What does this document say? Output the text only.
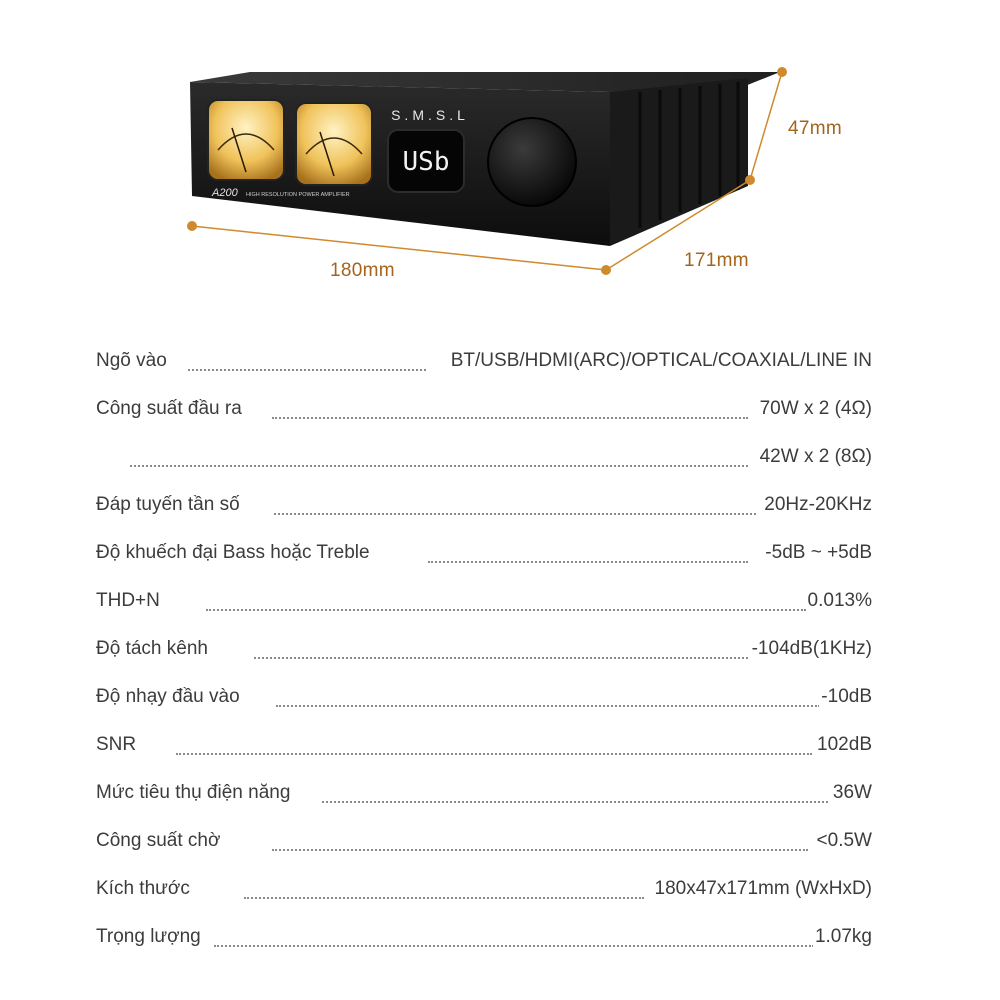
USb
S.M.S.L
A200 HIGH RESOLUTION POWER AMPLIFIER
180mm	171mm
47mm
Ngõ vào	BT/USB/HDMI(ARC)/OPTICAL/COAXIAL/LINE IN
Công suất đầu ra	70W x 2 (4Ω)
42W x 2 (8Ω)
Đáp tuyến tần số	20Hz-20KHz
Độ khuếch đại Bass hoặc Treble	-5dB ~ +5dB
THD+N	0.013%
Độ tách kênh	-104dB(1KHz)
Độ nhạy đầu vào	-10dB
SNR	102dB
Mức tiêu thụ điện năng	36W
Công suất chờ	<0.5W
Kích thước	180x47x171mm (WxHxD)
Trọng lượng	1.07kg
